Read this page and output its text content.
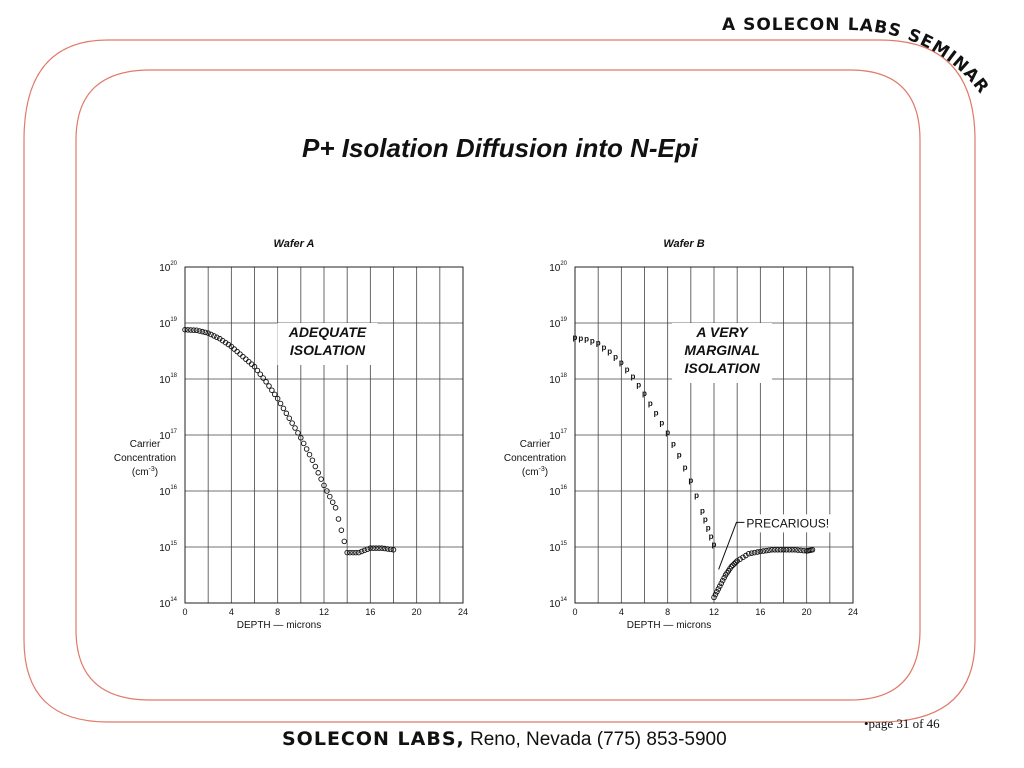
A SOLECON LABS SEMINAR
P+ Isolation Diffusion into N-Epi
Wafer A
$10^{14}$
$10^{15}$
$10^{16}$
$10^{17}$
$10^{18}$
$10^{19}$
$10^{20}$
0	4	8	12	16	20	24
DEPTH — microns
Carrier
Concentration
$(cm^{-3})$
ADEQUATE
ISOLATION
Wafer B
$10^{14}$
$10^{15}$
$10^{16}$
$10^{17}$
$10^{18}$
$10^{19}$
$10^{20}$
0	4	8	12	16	20	24
DEPTH — microns
Carrier
Concentration
$(cm^{-3})$
A VERY
MARGINAL
ISOLATION
PRECARIOUS!
p p p p p p p
p
p
p
p
p
p
p
p
p
p
p
p
p
p
p
p
p
p
p
p
SOLECON LABS, Reno, Nevada (775) 853-5900
•page 31 of 46
